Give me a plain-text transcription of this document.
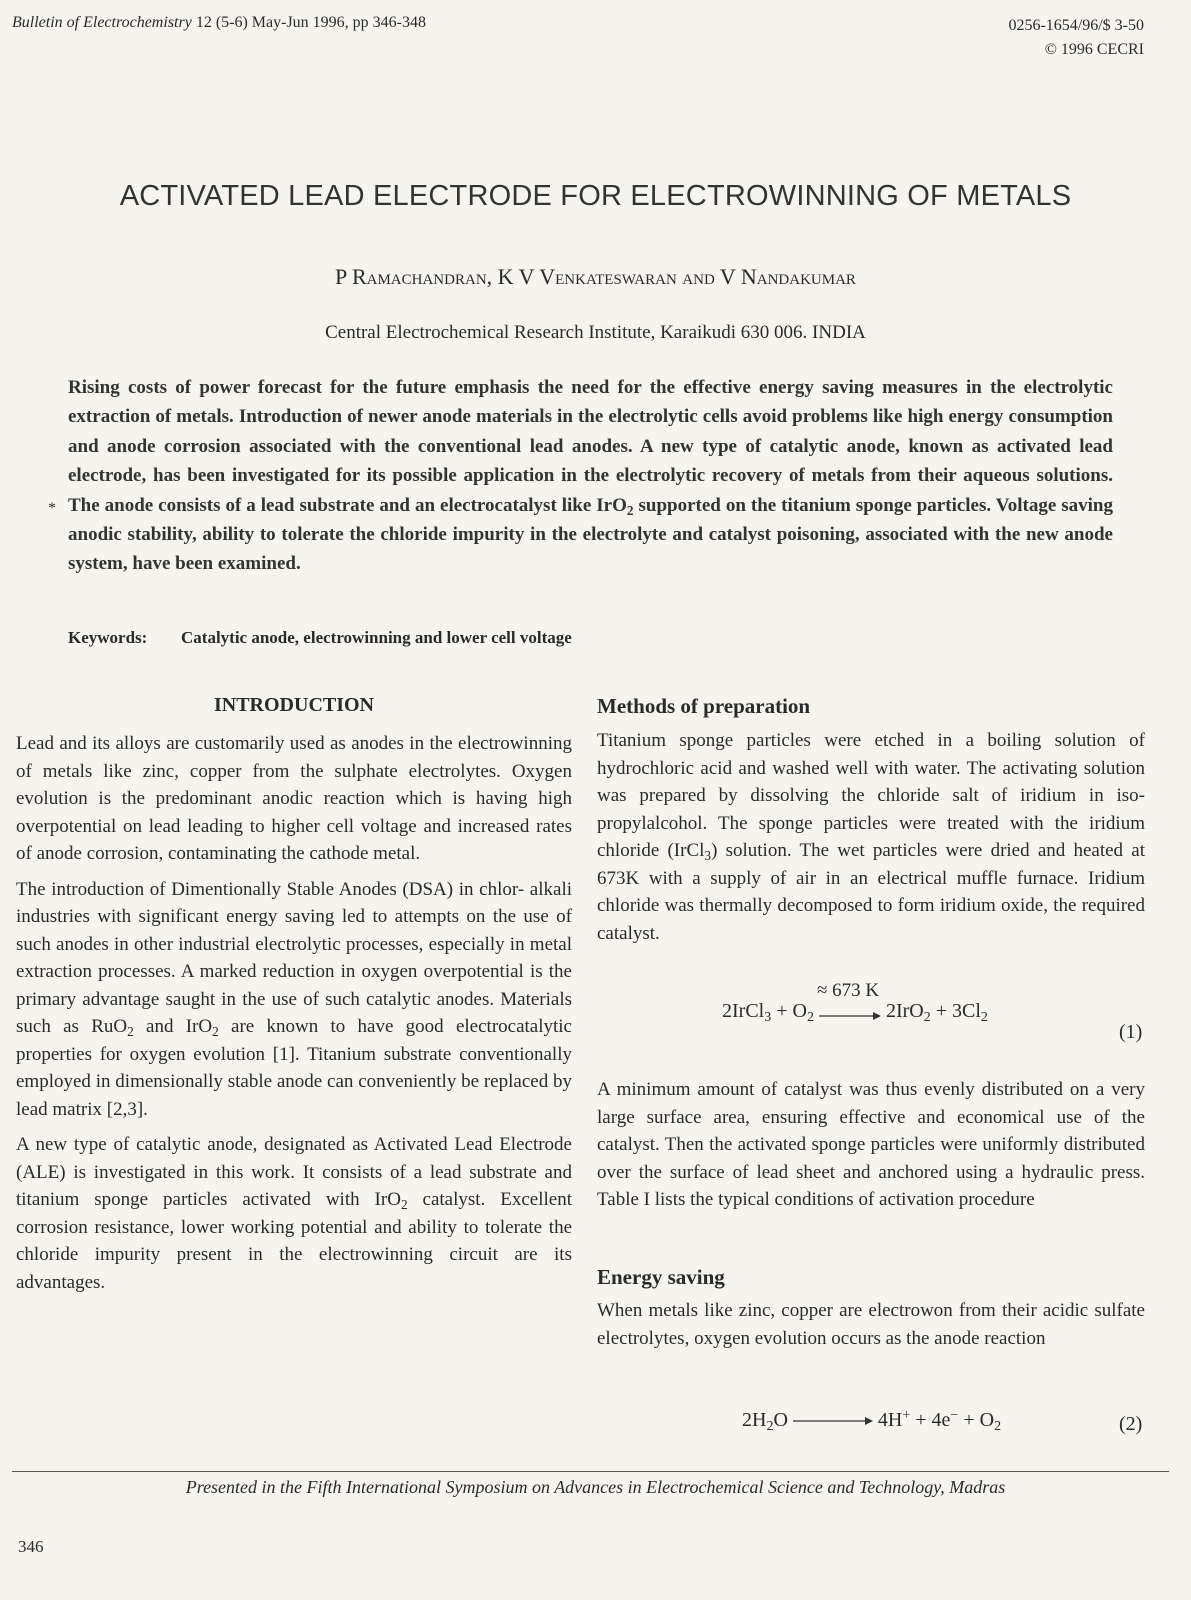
Bulletin of Electrochemistry 12 (5-6) May-Jun 1996, pp 346-348	0256-1654/96/$ 3-50
© 1996 CECRI
ACTIVATED LEAD ELECTRODE FOR ELECTROWINNING OF METALS
P Ramachandran, K V Venkateswaran and V Nandakumar
Central Electrochemical Research Institute, Karaikudi 630 006. INDIA
Rising costs of power forecast for the future emphasis the need for the effective energy saving measures in the electrolytic extraction of metals. Introduction of newer anode materials in the electrolytic cells avoid problems like high energy consumption and anode corrosion associated with the conventional lead anodes. A new type of catalytic anode, known as activated lead electrode, has been investigated for its possible application in the electrolytic recovery of metals from their aqueous solutions. The anode consists of a lead substrate and an electrocatalyst like IrO$_2$ supported on the titanium sponge particles. Voltage saving anodic stability, ability to tolerate the chloride impurity in the electrolyte and catalyst poisoning, associated with the new anode system, have been examined.
*
Keywords: Catalytic anode, electrowinning and lower cell voltage
INTRODUCTION

Lead and its alloys are customarily used as anodes in the electrowinning of metals like zinc, copper from the sulphate electrolytes. Oxygen evolution is the predominant anodic reaction which is having high overpotential on lead leading to higher cell voltage and increased rates of anode corrosion, contaminating the cathode metal.

The introduction of Dimentionally Stable Anodes (DSA) in chlor- alkali industries with significant energy saving led to attempts on the use of such anodes in other industrial electrolytic processes, especially in metal extraction processes. A marked reduction in oxygen overpotential is the primary advantage saught in the use of such catalytic anodes. Materials such as RuO$_2$ and IrO$_2$ are known to have good electrocatalytic properties for oxygen evolution [1]. Titanium substrate conventionally employed in dimensionally stable anode can conveniently be replaced by lead matrix [2,3].

A new type of catalytic anode, designated as Activated Lead Electrode (ALE) is investigated in this work. It consists of a lead substrate and titanium sponge particles activated with IrO$_2$ catalyst. Excellent corrosion resistance, lower working potential and ability to tolerate the chloride impurity present in the electrowinning circuit are its advantages.

Methods of preparation
Titanium sponge particles were etched in a boiling solution of hydrochloric acid and washed well with water. The activating solution was prepared by dissolving the chloride salt of iridium in iso-propylalcohol. The sponge particles were treated with the iridium chloride (IrCl$_3$) solution. The wet particles were dried and heated at 673K with a supply of air in an electrical muffle furnace. Iridium chloride was thermally decomposed to form iridium oxide, the required catalyst.
2IrCl$_3$ + $O_2$
≈ 673 K
$2IrO_2 + 3Cl_2$
(1)
A minimum amount of catalyst was thus evenly distributed on a very large surface area, ensuring effective and economical use of the catalyst. Then the activated sponge particles were uniformly distributed over the surface of lead sheet and anchored using a hydraulic press. Table I lists the typical conditions of activation procedure
Energy saving
When metals like zinc, copper are electrowon from their acidic sulfate electrolytes, oxygen evolution occurs as the anode reaction
$2H_2O$	$4H^+ + 4e^- + O_2$	(2)
Presented in the Fifth International Symposium on Advances in Electrochemical Science and Technology, Madras
346
